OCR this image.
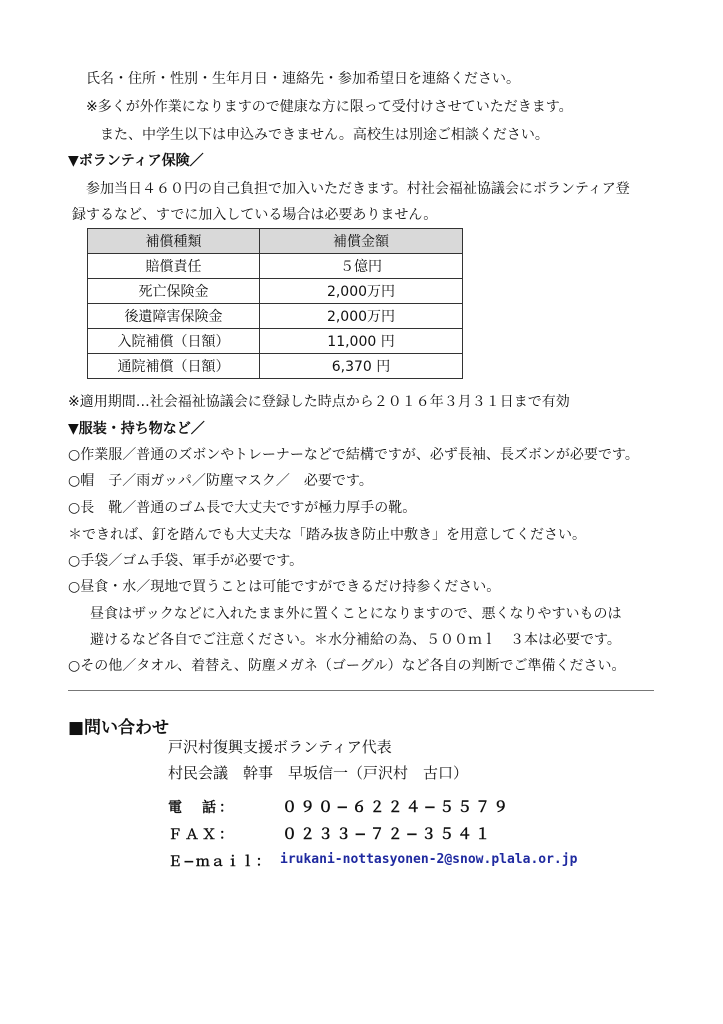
氏名・住所・性別・生年月日・連絡先・参加希望日を連絡ください。
※多くが外作業になりますので健康な方に限って受付けさせていただきます。
また、中学生以下は申込みできません。高校生は別途ご相談ください。
▼ボランティア保険／
参加当日４６０円の自己負担で加入いただきます。村社会福祉協議会にボランティア登
録するなど、すでに加入している場合は必要ありません。
補償種類	補償金額
賠償責任	５億円
死亡保険金	2,000万円
後遺障害保険金	2,000万円
入院補償（日額）	11,000 円
通院補償（日額）	6,370 円
※適用期間…社会福祉協議会に登録した時点から２０１６年３月３１日まで有効
▼服装・持ち物など／
○作業服／普通のズボンやトレーナーなどで結構ですが、必ず長袖、長ズボンが必要です。
○帽　子／雨ガッパ／防塵マスク／　必要です。
○長　靴／普通のゴム長で大丈夫ですが極力厚手の靴。
＊できれば、釘を踏んでも大丈夫な「踏み抜き防止中敷き」を用意してください。
○手袋／ゴム手袋、軍手が必要です。
○昼食・水／現地で買うことは可能ですができるだけ持参ください。
昼食はザックなどに入れたまま外に置くことになりますので、悪くなりやすいものは
避けるなど各自でご注意ください。＊水分補給の為、５００ｍｌ　３本は必要です。
○その他／タオル、着替え、防塵メガネ（ゴーグル）など各自の判断でご準備ください。
■問い合わせ
戸沢村復興支援ボランティア代表
村民会議　幹事　早坂信一（戸沢村　古口）
電　話：	０９０−６２２４−５５７９
ＦＡＸ：	０２３３−７２−３５４１
Ｅ−ｍａｉｌ： irukani-nottasyonen-2@snow.plala.or.jp
